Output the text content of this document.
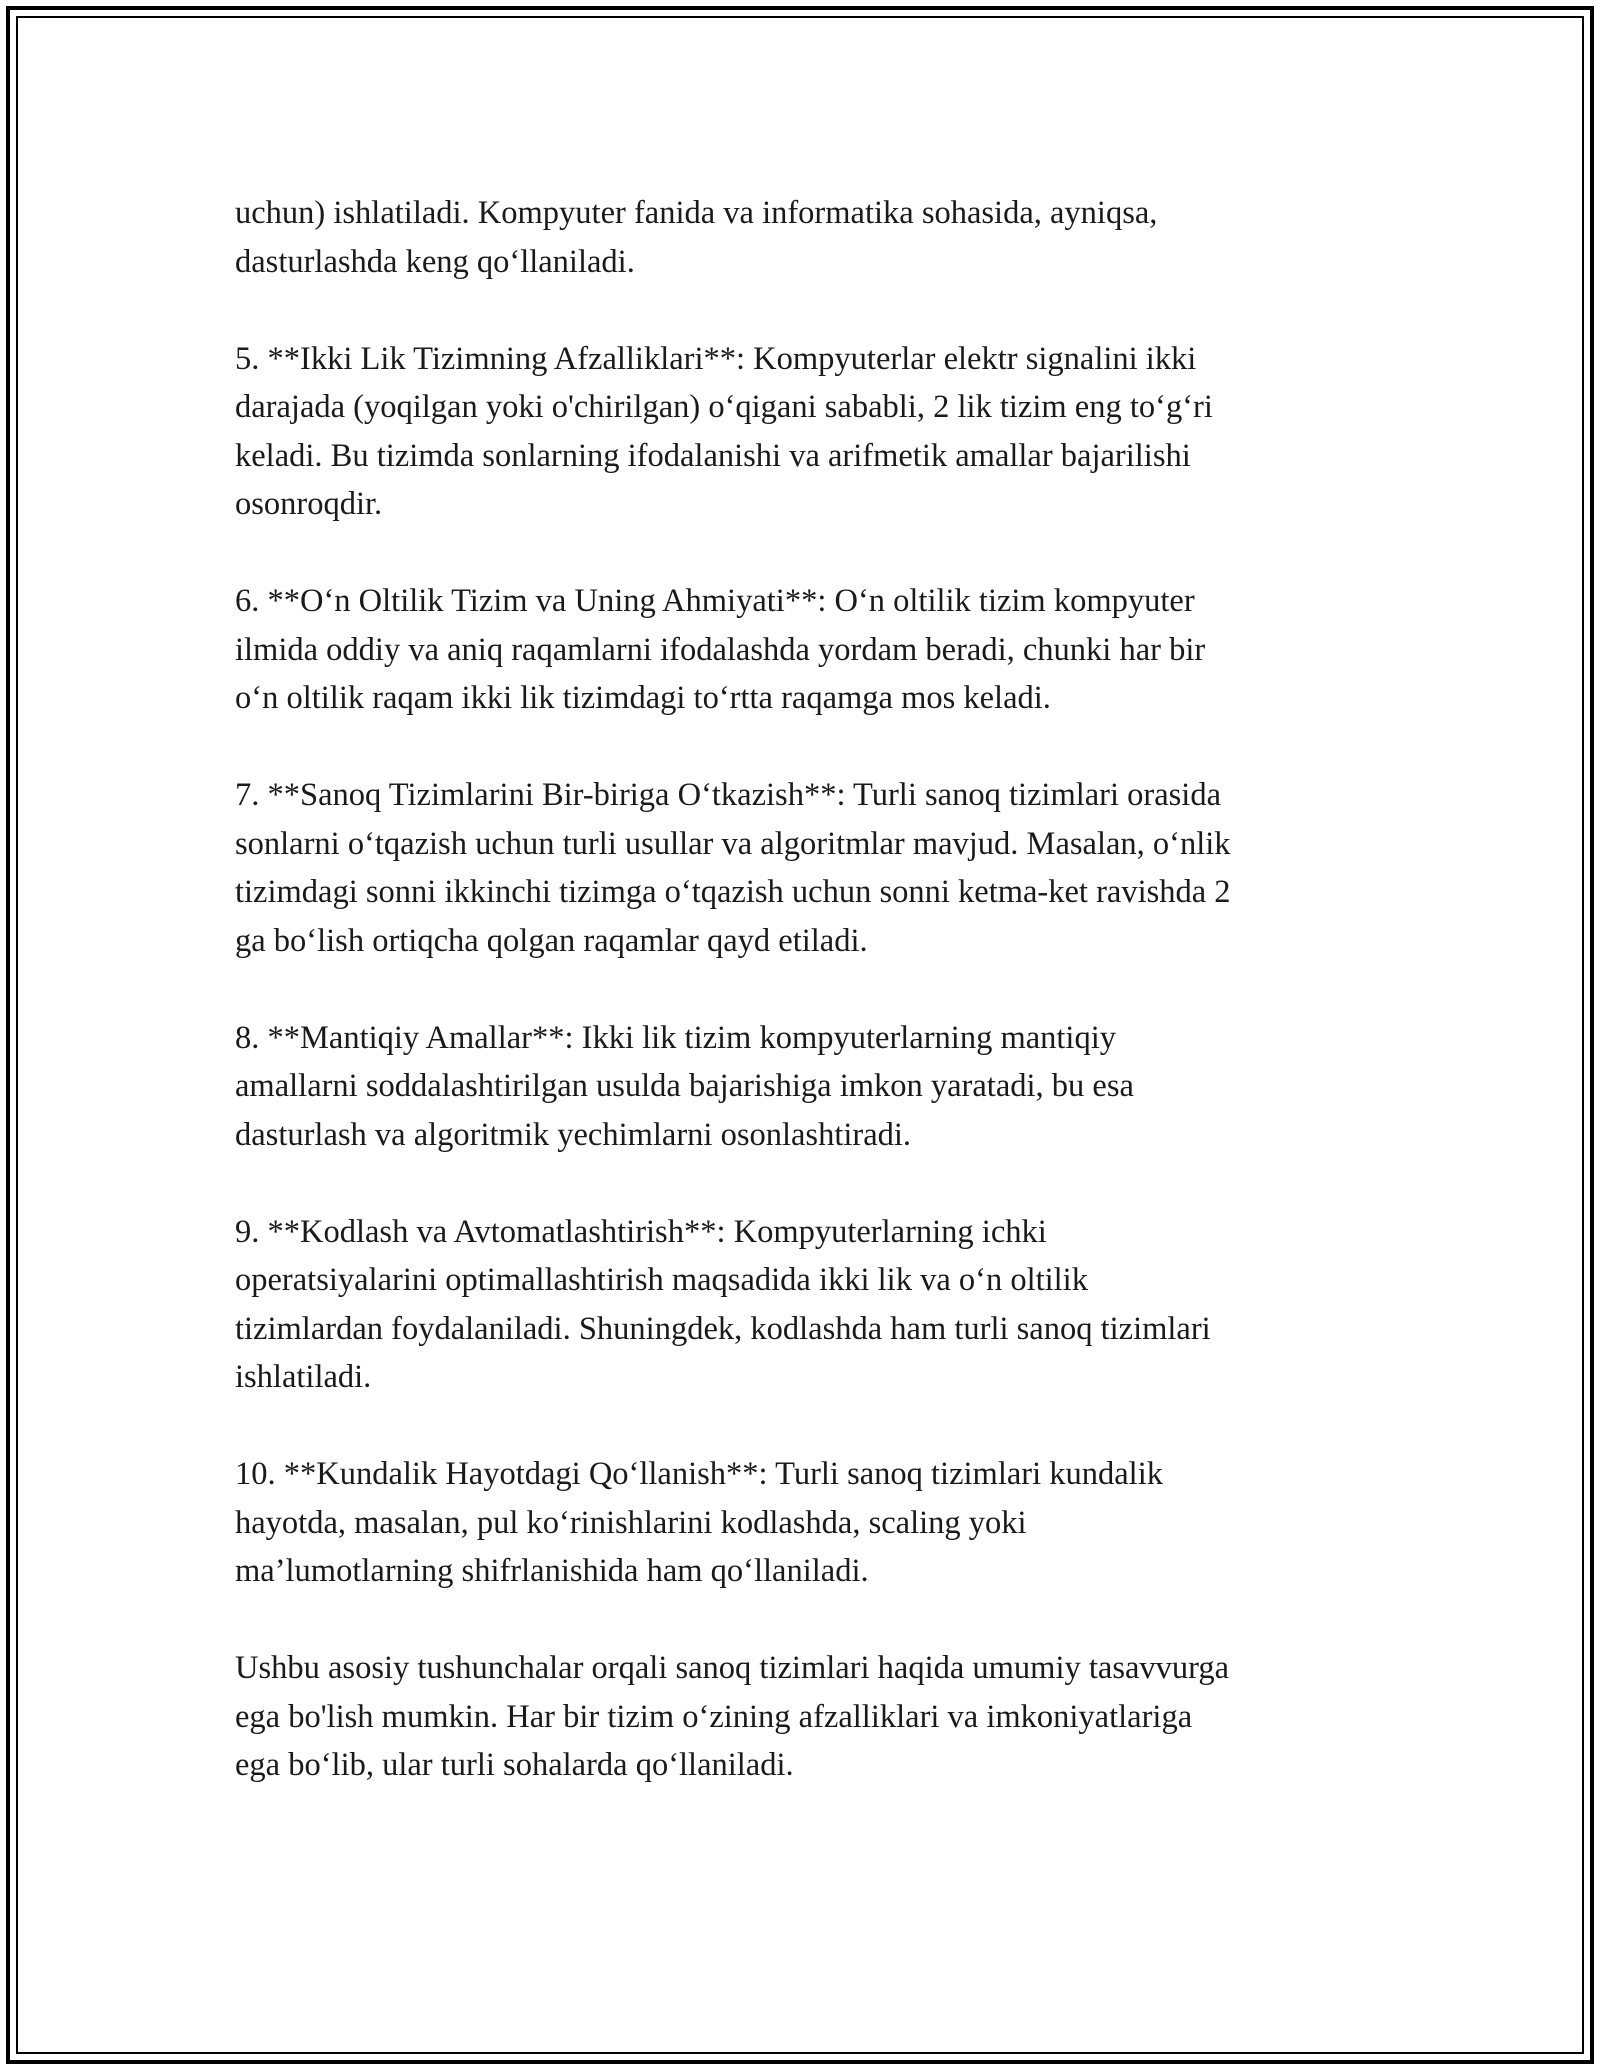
uchun) ishlatiladi. Kompyuter fanida va informatika sohasida, ayniqsa,
dasturlashda keng qo‘llaniladi.

5. **Ikki Lik Tizimning Afzalliklari**: Kompyuterlar elektr signalini ikki
darajada (yoqilgan yoki o'chirilgan) o‘qigani sababli, 2 lik tizim eng to‘g‘ri
keladi. Bu tizimda sonlarning ifodalanishi va arifmetik amallar bajarilishi
osonroqdir.

6. **O‘n Oltilik Tizim va Uning Ahmiyati**: O‘n oltilik tizim kompyuter
ilmida oddiy va aniq raqamlarni ifodalashda yordam beradi, chunki har bir
o‘n oltilik raqam ikki lik tizimdagi to‘rtta raqamga mos keladi.

7. **Sanoq Tizimlarini Bir-biriga O‘tkazish**: Turli sanoq tizimlari orasida
sonlarni o‘tqazish uchun turli usullar va algoritmlar mavjud. Masalan, o‘nlik
tizimdagi sonni ikkinchi tizimga o‘tqazish uchun sonni ketma-ket ravishda 2
ga bo‘lish ortiqcha qolgan raqamlar qayd etiladi.

8. **Mantiqiy Amallar**: Ikki lik tizim kompyuterlarning mantiqiy
amallarni soddalashtirilgan usulda bajarishiga imkon yaratadi, bu esa
dasturlash va algoritmik yechimlarni osonlashtiradi.

9. **Kodlash va Avtomatlashtirish**: Kompyuterlarning ichki
operatsiyalarini optimallashtirish maqsadida ikki lik va o‘n oltilik
tizimlardan foydalaniladi. Shuningdek, kodlashda ham turli sanoq tizimlari
ishlatiladi.

10. **Kundalik Hayotdagi Qo‘llanish**: Turli sanoq tizimlari kundalik
hayotda, masalan, pul ko‘rinishlarini kodlashda, scaling yoki
ma’lumotlarning shifrlanishida ham qo‘llaniladi.

Ushbu asosiy tushunchalar orqali sanoq tizimlari haqida umumiy tasavvurga
ega bo'lish mumkin. Har bir tizim o‘zining afzalliklari va imkoniyatlariga
ega bo‘lib, ular turli sohalarda qo‘llaniladi.
